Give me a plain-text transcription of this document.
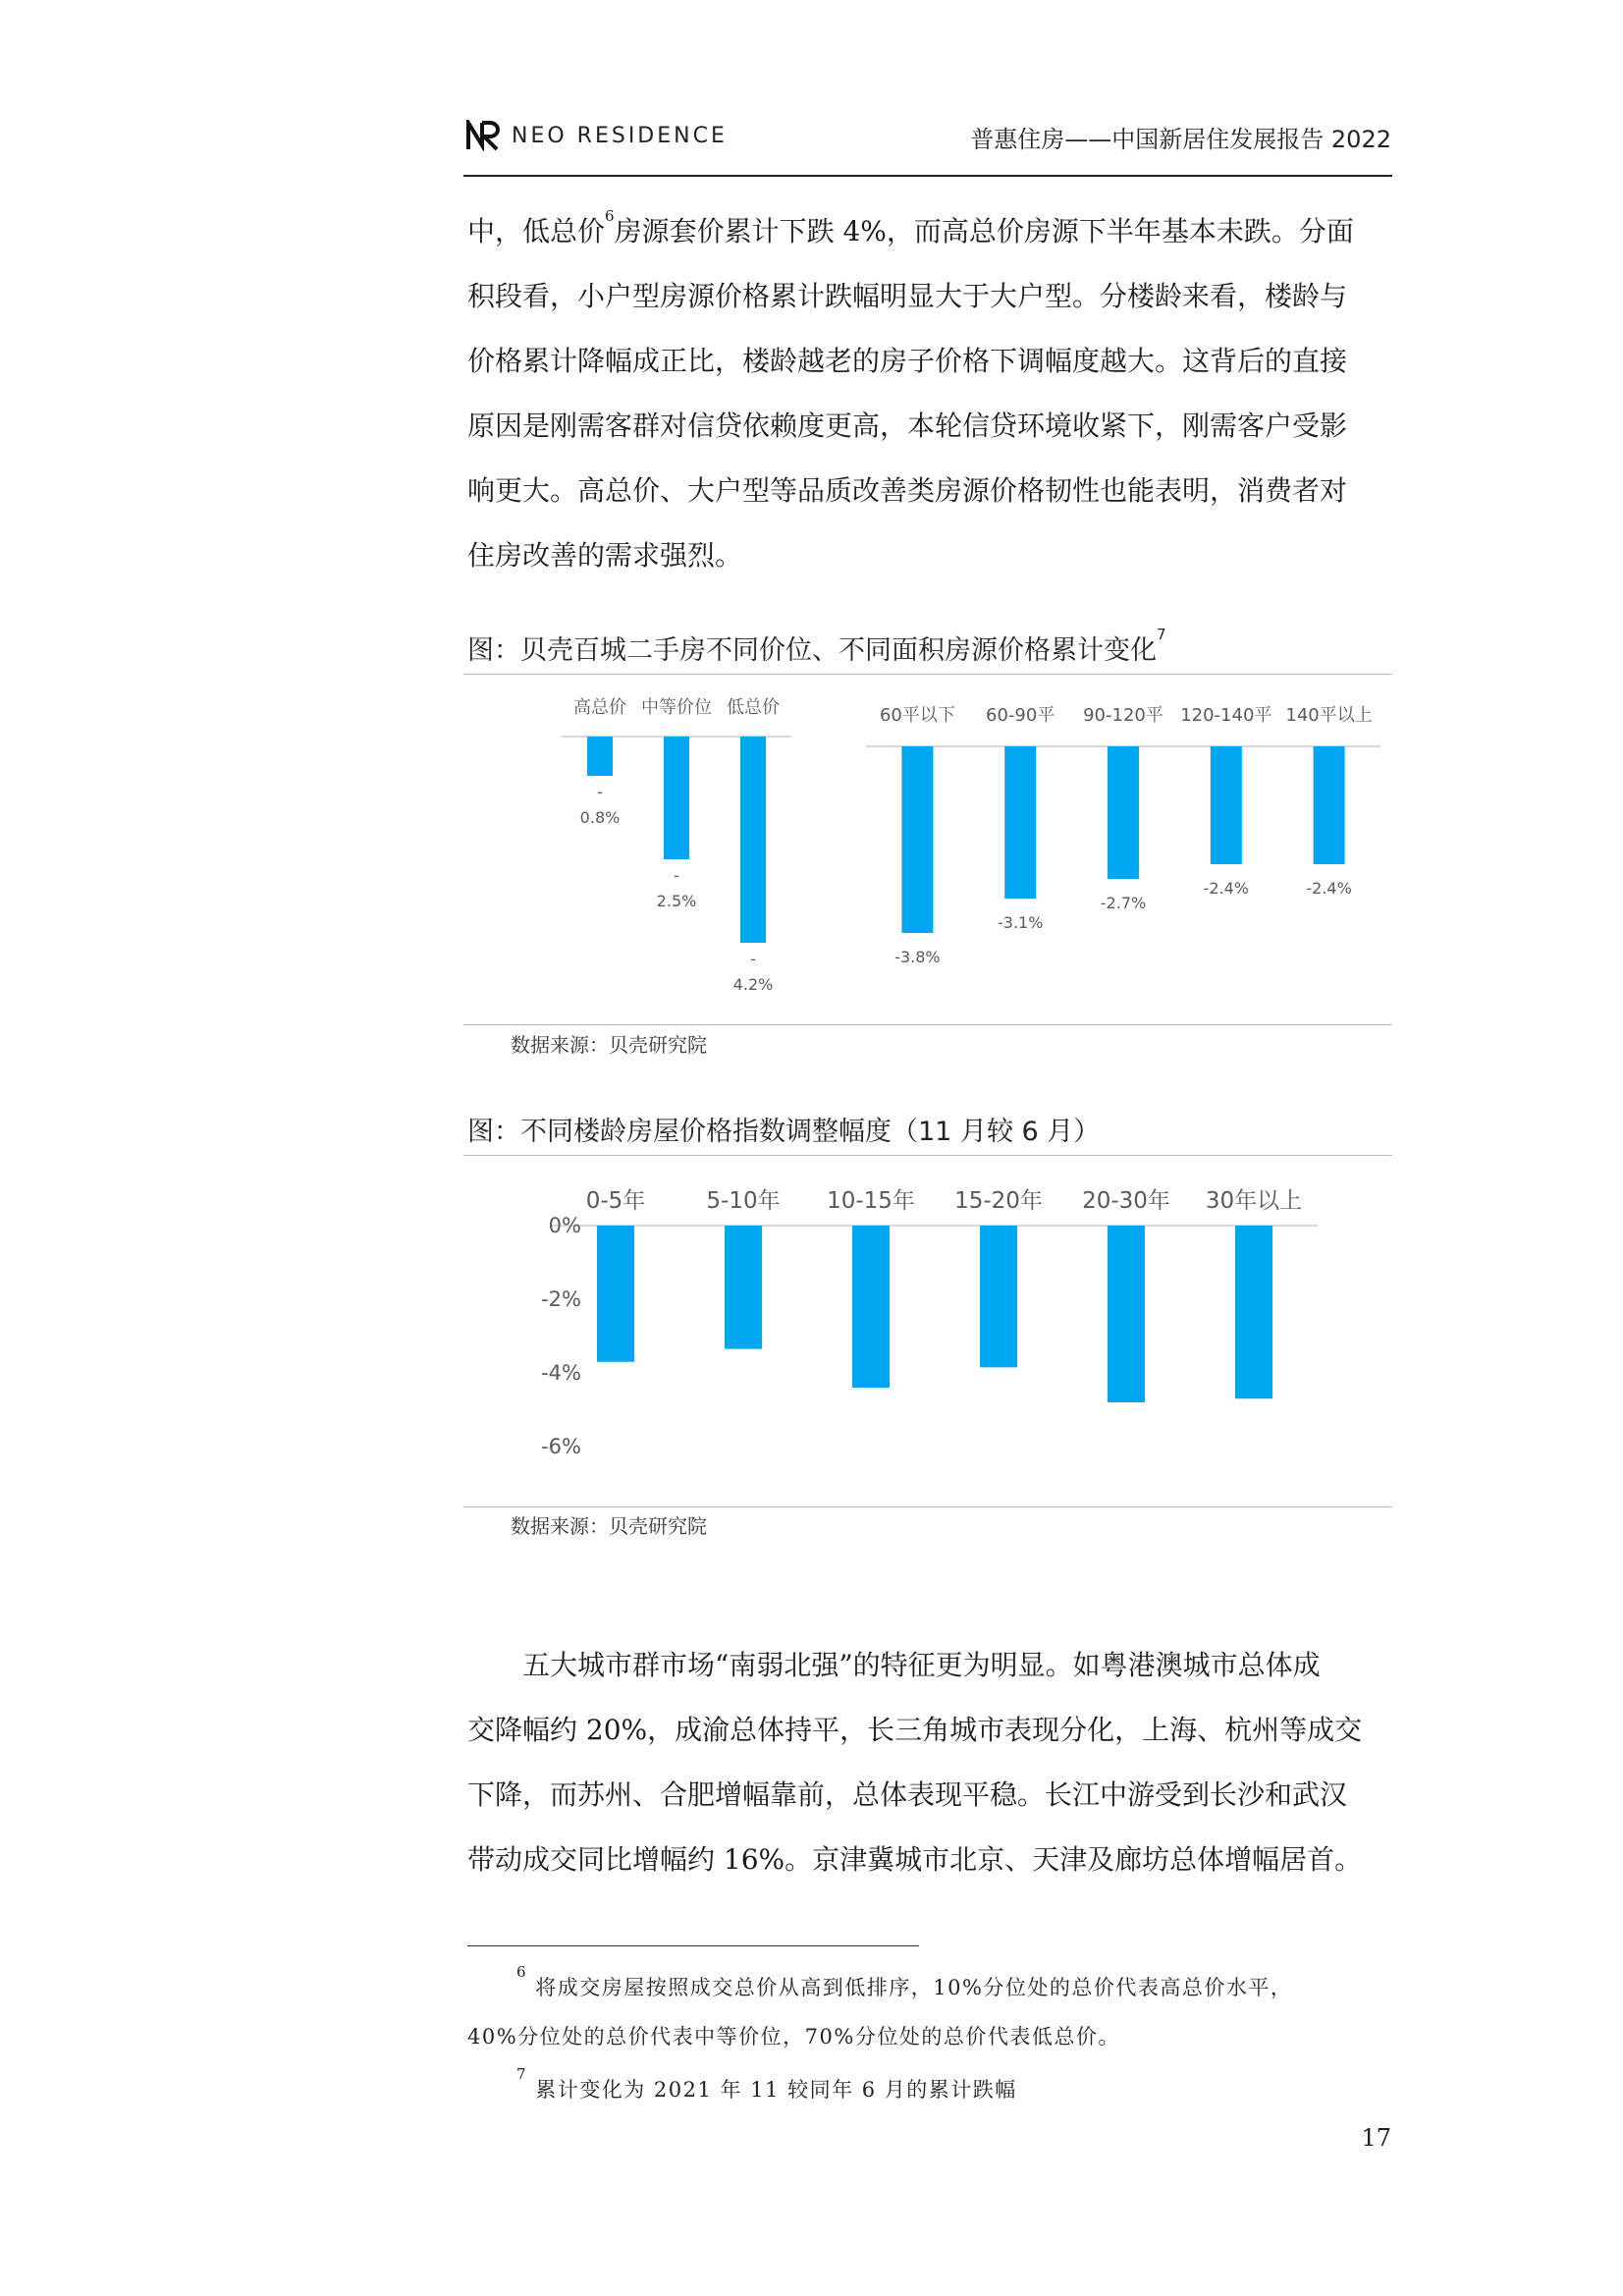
NEO RESIDENCE	普惠住房——中国新居住发展报告 2022

中，低总价$^6$房源套价累计下跌 4%，而高总价房源下半年基本未跌。分面
积段看，小户型房源价格累计跌幅明显大于大户型。分楼龄来看，楼龄与
价格累计降幅成正比，楼龄越老的房子价格下调幅度越大。这背后的直接
原因是刚需客群对信贷依赖度更高，本轮信贷环境收紧下，刚需客户受影
响更大。高总价、大户型等品质改善类房源价格韧性也能表明，消费者对
住房改善的需求强烈。

图：贝壳百城二手房不同价位、不同面积房源价格累计变化$^7$
高总价
-0.8%
中等价位
-2.5%
低总价
-4.2%
60平以下
-3.8%
60-90平
-3.1%
90-120平
-2.7%
120-140平
-2.4%
140平以上
-2.4%
数据来源：贝壳研究院
图：不同楼龄房屋价格指数调整幅度（11 月较 6 月）
0%
-2%
-4%
-6%
0-5年	5-10年 10-15年 15-20年 20-30年 30年以上
数据来源：贝壳研究院

五大城市群市场“南弱北强”的特征更为明显。如粤港澳城市总体成
交降幅约 20%，成渝总体持平，长三角城市表现分化，上海、杭州等成交
下降，而苏州、合肥增幅靠前，总体表现平稳。长江中游受到长沙和武汉
带动成交同比增幅约 16%。京津冀城市北京、天津及廊坊总体增幅居首。

$^6$ 将成交房屋按照成交总价从高到低排序，10%分位处的总价代表高总价水平，
40%分位处的总价代表中等价位，70%分位处的总价代表低总价。
$^7$ 累计变化为 2021 年 11 较同年 6 月的累计跌幅
17
